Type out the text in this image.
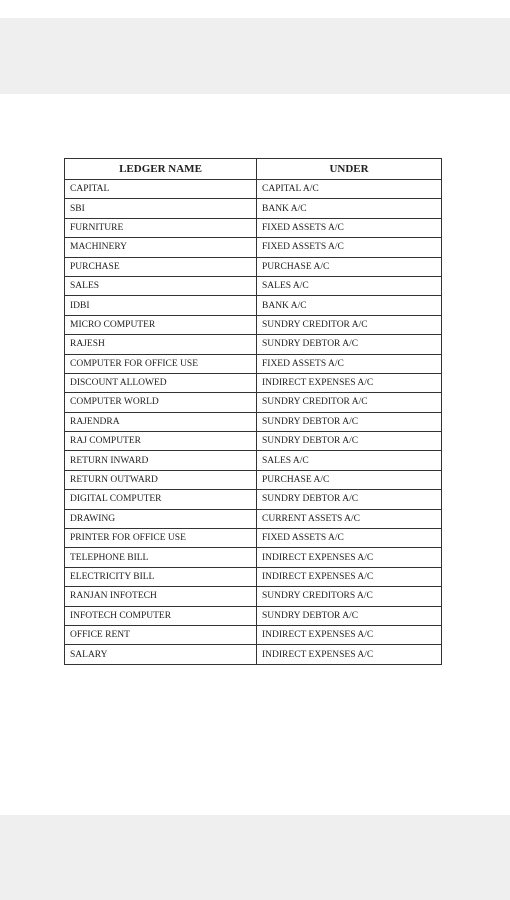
LEDGER NAME	UNDER
CAPITAL	CAPITAL A/C
SBI	BANK A/C
FURNITURE	FIXED ASSETS A/C
MACHINERY	FIXED ASSETS A/C
PURCHASE	PURCHASE A/C
SALES	SALES A/C
IDBI	BANK A/C
MICRO COMPUTER	SUNDRY CREDITOR A/C
RAJESH	SUNDRY DEBTOR A/C
COMPUTER FOR OFFICE USE	FIXED ASSETS A/C
DISCOUNT ALLOWED	INDIRECT EXPENSES A/C
COMPUTER WORLD	SUNDRY CREDITOR A/C
RAJENDRA	SUNDRY DEBTOR A/C
RAJ COMPUTER	SUNDRY DEBTOR A/C
RETURN INWARD	SALES A/C
RETURN OUTWARD	PURCHASE A/C
DIGITAL COMPUTER	SUNDRY DEBTOR A/C
DRAWING	CURRENT ASSETS A/C
PRINTER FOR OFFICE USE	FIXED ASSETS A/C
TELEPHONE BILL	INDIRECT EXPENSES A/C
ELECTRICITY BILL	INDIRECT EXPENSES A/C
RANJAN INFOTECH	SUNDRY CREDITORS A/C
INFOTECH COMPUTER	SUNDRY DEBTOR A/C
OFFICE RENT	INDIRECT EXPENSES A/C
SALARY	INDIRECT EXPENSES A/C
